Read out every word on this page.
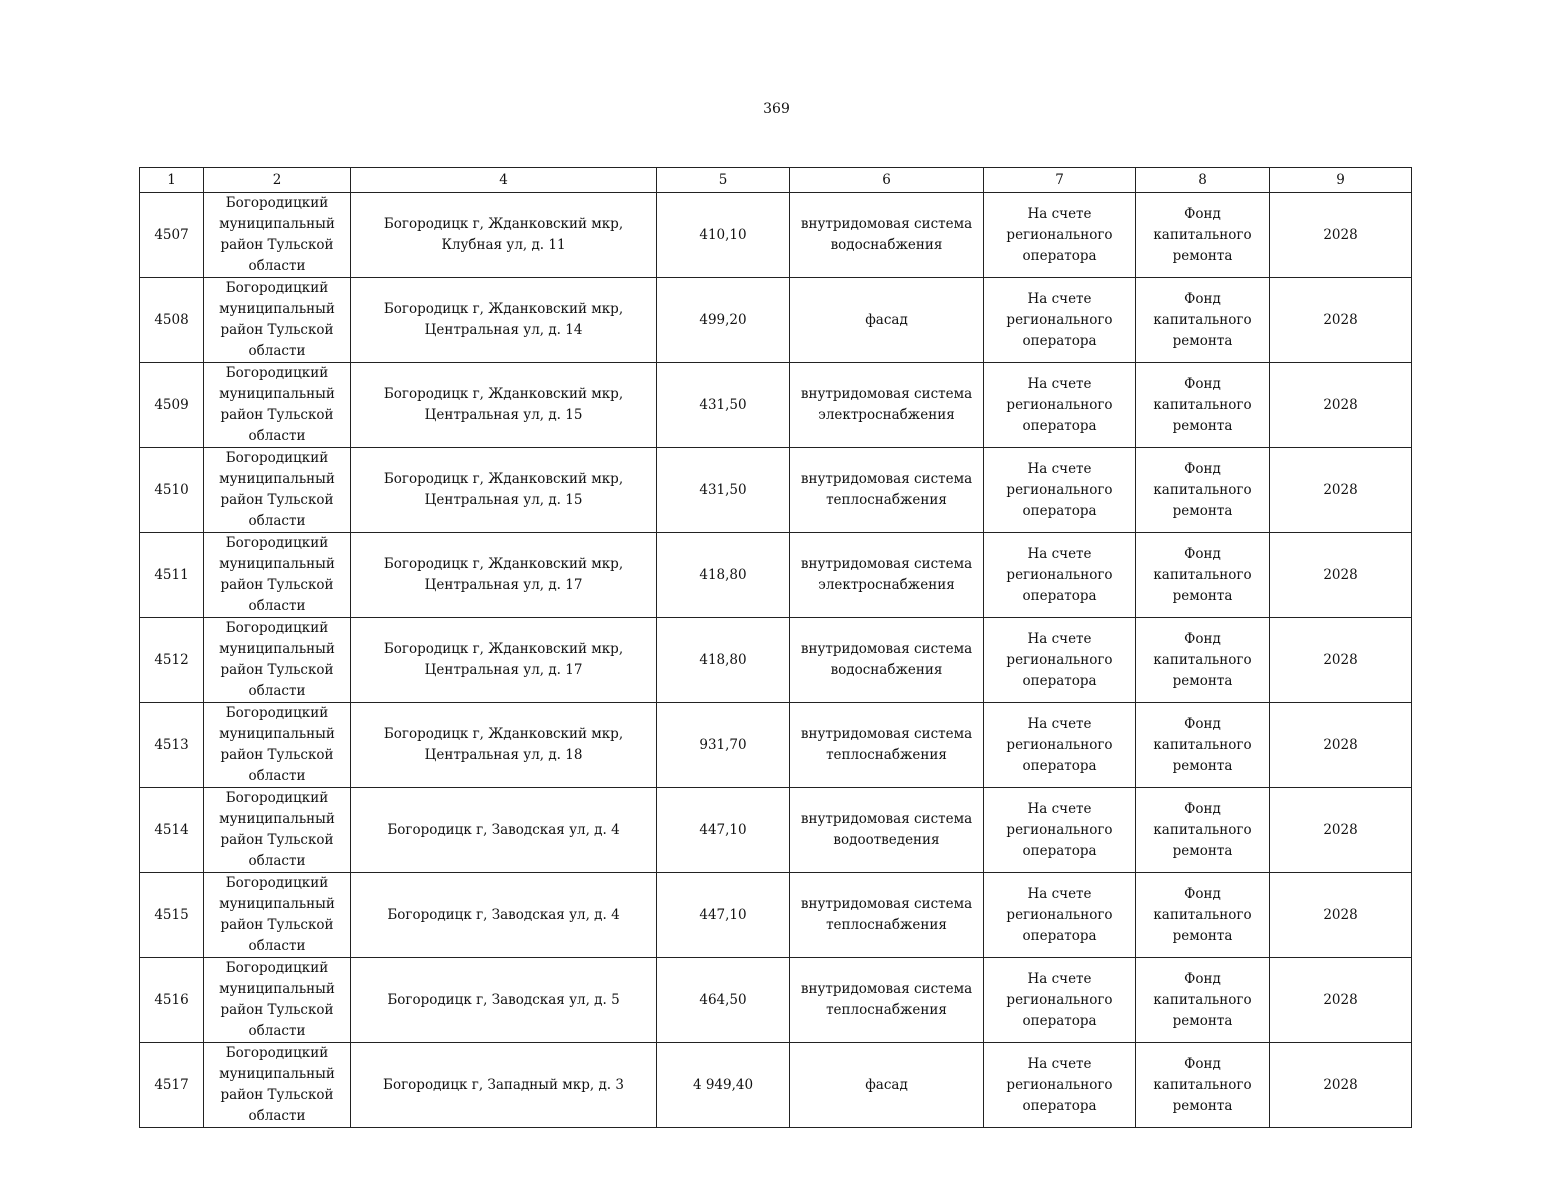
369
1	2	4	5	6	7	8	9
4507	Богородицкий муниципальный район Тульской области	Богородицк г, Жданковский мкр, Клубная ул, д. 11	410,10	внутридомовая система водоснабжения	На счете регионального оператора	Фонд капитального ремонта	2028
4508	Богородицкий муниципальный район Тульской области	Богородицк г, Жданковский мкр, Центральная ул, д. 14	499,20	фасад	На счете регионального оператора	Фонд капитального ремонта	2028
4509	Богородицкий муниципальный район Тульской области	Богородицк г, Жданковский мкр, Центральная ул, д. 15	431,50	внутридомовая система электроснабжения	На счете регионального оператора	Фонд капитального ремонта	2028
4510	Богородицкий муниципальный район Тульской области	Богородицк г, Жданковский мкр, Центральная ул, д. 15	431,50	внутридомовая система теплоснабжения	На счете регионального оператора	Фонд капитального ремонта	2028
4511	Богородицкий муниципальный район Тульской области	Богородицк г, Жданковский мкр, Центральная ул, д. 17	418,80	внутридомовая система электроснабжения	На счете регионального оператора	Фонд капитального ремонта	2028
4512	Богородицкий муниципальный район Тульской области	Богородицк г, Жданковский мкр, Центральная ул, д. 17	418,80	внутридомовая система водоснабжения	На счете регионального оператора	Фонд капитального ремонта	2028
4513	Богородицкий муниципальный район Тульской области	Богородицк г, Жданковский мкр, Центральная ул, д. 18	931,70	внутридомовая система теплоснабжения	На счете регионального оператора	Фонд капитального ремонта	2028
4514	Богородицкий муниципальный район Тульской области	Богородицк г, Заводская ул, д. 4	447,10	внутридомовая система водоотведения	На счете регионального оператора	Фонд капитального ремонта	2028
4515	Богородицкий муниципальный район Тульской области	Богородицк г, Заводская ул, д. 4	447,10	внутридомовая система теплоснабжения	На счете регионального оператора	Фонд капитального ремонта	2028
4516	Богородицкий муниципальный район Тульской области	Богородицк г, Заводская ул, д. 5	464,50	внутридомовая система теплоснабжения	На счете регионального оператора	Фонд капитального ремонта	2028
4517	Богородицкий муниципальный район Тульской области	Богородицк г, Западный мкр, д. 3	4 949,40	фасад	На счете регионального оператора	Фонд капитального ремонта	2028
